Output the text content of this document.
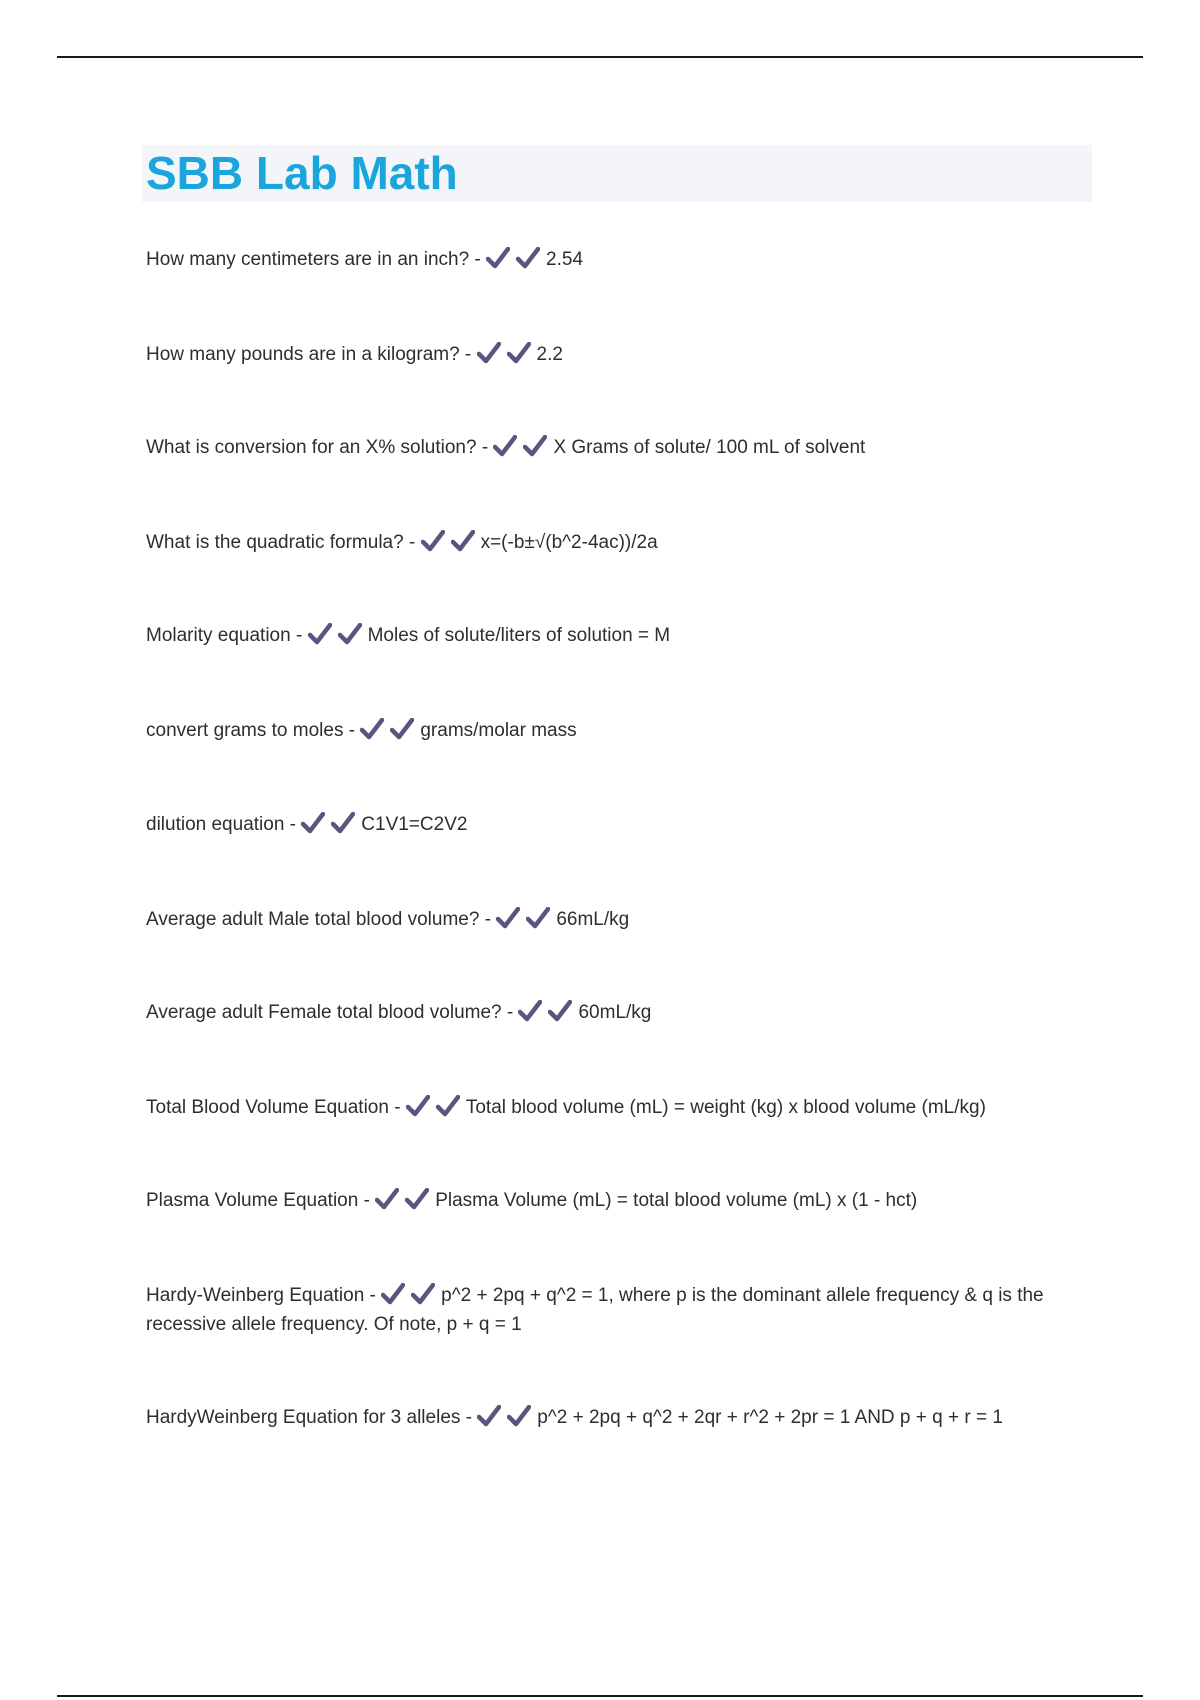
SBB Lab Math
How many centimeters are in an inch? -	2.54
How many pounds are in a kilogram? -	2.2
What is conversion for an X% solution? -	X Grams of solute/ 100 mL of solvent
What is the quadratic formula? -	x=(-b±√(b^2-4ac))/2a
Molarity equation -	Moles of solute/liters of solution = M
convert grams to moles -	grams/molar mass
dilution equation -	C1V1=C2V2
Average adult Male total blood volume? -	66mL/kg
Average adult Female total blood volume? -	60mL/kg
Total Blood Volume Equation -	Total blood volume (mL) = weight (kg) x blood volume (mL/kg)
Plasma Volume Equation -	Plasma Volume (mL) = total blood volume (mL) x (1 - hct)
Hardy-Weinberg Equation -	p^2 + 2pq + q^2 = 1, where p is the dominant allele frequency & q is the recessive allele frequency. Of note, p + q = 1
HardyWeinberg Equation for 3 alleles -	p^2 + 2pq + q^2 + 2qr + r^2 + 2pr = 1 AND p + q + r = 1
